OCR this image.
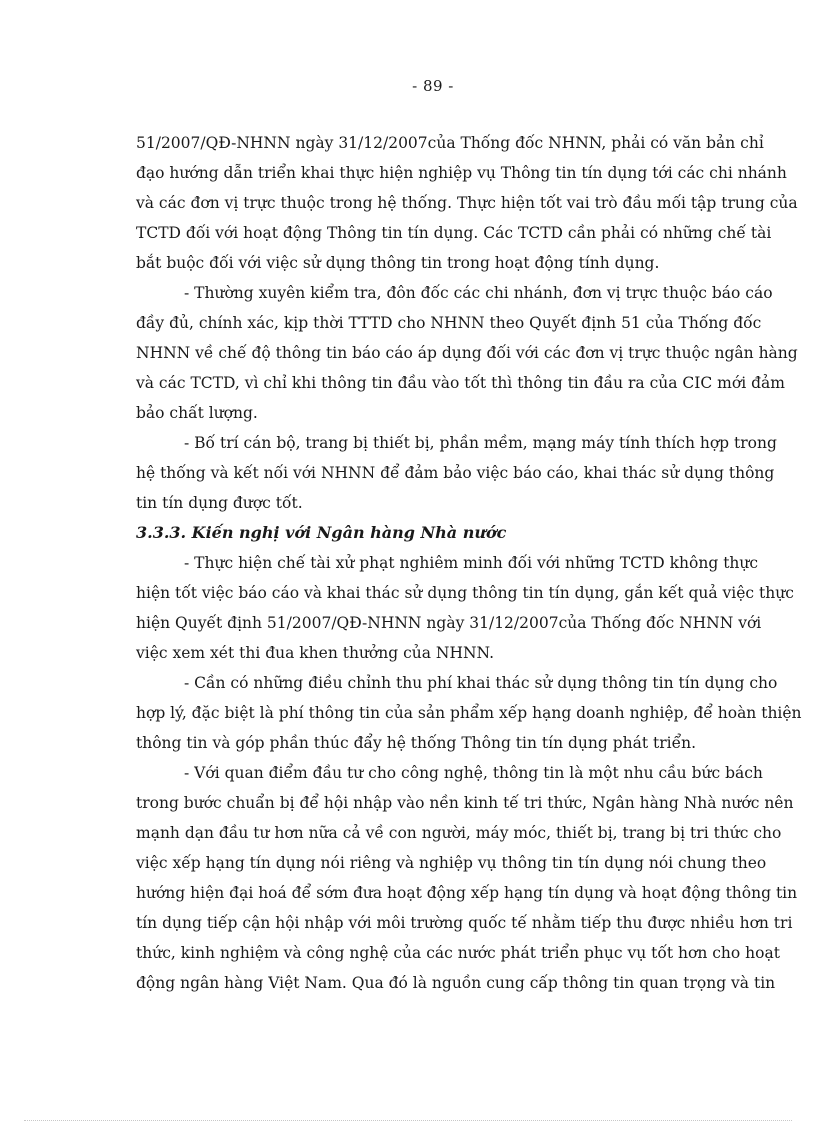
- 89 -
51/2007/QĐ-NHNN ngày 31/12/2007của Thống đốc NHNN, phải có văn bản chỉ
đạo hướng dẫn triển khai thực hiện nghiệp vụ Thông tin tín dụng tới các chi nhánh
và các đơn vị trực thuộc trong hệ thống. Thực hiện tốt vai trò đầu mối tập trung của
TCTD đối với hoạt động Thông tin tín dụng. Các TCTD cần phải có những chế tài
bắt buộc đối với việc sử dụng thông tin trong hoạt động tính dụng.
- Thường xuyên kiểm tra, đôn đốc các chi nhánh, đơn vị trực thuộc báo cáo
đầy đủ, chính xác, kịp thời TTTD cho NHNN theo Quyết định 51 của Thống đốc
NHNN về chế độ thông tin báo cáo áp dụng đối với các đơn vị trực thuộc ngân hàng
và các TCTD, vì chỉ khi thông tin đầu vào tốt thì thông tin đầu ra của CIC mới đảm
bảo chất lượng.
- Bố trí cán bộ, trang bị thiết bị, phần mềm, mạng máy tính thích hợp trong
hệ thống và kết nối với NHNN để đảm bảo việc báo cáo, khai thác sử dụng thông
tin tín dụng được tốt.
3.3.3. Kiến nghị với Ngân hàng Nhà nước
- Thực hiện chế tài xử phạt nghiêm minh đối với những TCTD không thực
hiện tốt việc báo cáo và khai thác sử dụng thông tin tín dụng, gắn kết quả việc thực
hiện Quyết định 51/2007/QĐ-NHNN ngày 31/12/2007của Thống đốc NHNN với
việc xem xét thi đua khen thưởng của NHNN.
- Cần có những điều chỉnh thu phí khai thác sử dụng thông tin tín dụng cho
hợp lý, đặc biệt là phí thông tin của sản phẩm xếp hạng doanh nghiệp, để hoàn thiện
thông tin và góp phần thúc đẩy hệ thống Thông tin tín dụng phát triển.
- Với quan điểm đầu tư cho công nghệ, thông tin là một nhu cầu bức bách
trong bước chuẩn bị để hội nhập vào nền kinh tế tri thức, Ngân hàng Nhà nước nên
mạnh dạn đầu tư hơn nữa cả về con người, máy móc, thiết bị, trang bị tri thức cho
việc xếp hạng tín dụng nói riêng và nghiệp vụ thông tin tín dụng nói chung theo
hướng hiện đại hoá để sớm đưa hoạt động xếp hạng tín dụng và hoạt động thông tin
tín dụng tiếp cận hội nhập với môi trường quốc tế nhằm tiếp thu được nhiều hơn tri
thức, kinh nghiệm và công nghệ của các nước phát triển phục vụ tốt hơn cho hoạt
động ngân hàng Việt Nam. Qua đó là nguồn cung cấp thông tin quan trọng và tin
